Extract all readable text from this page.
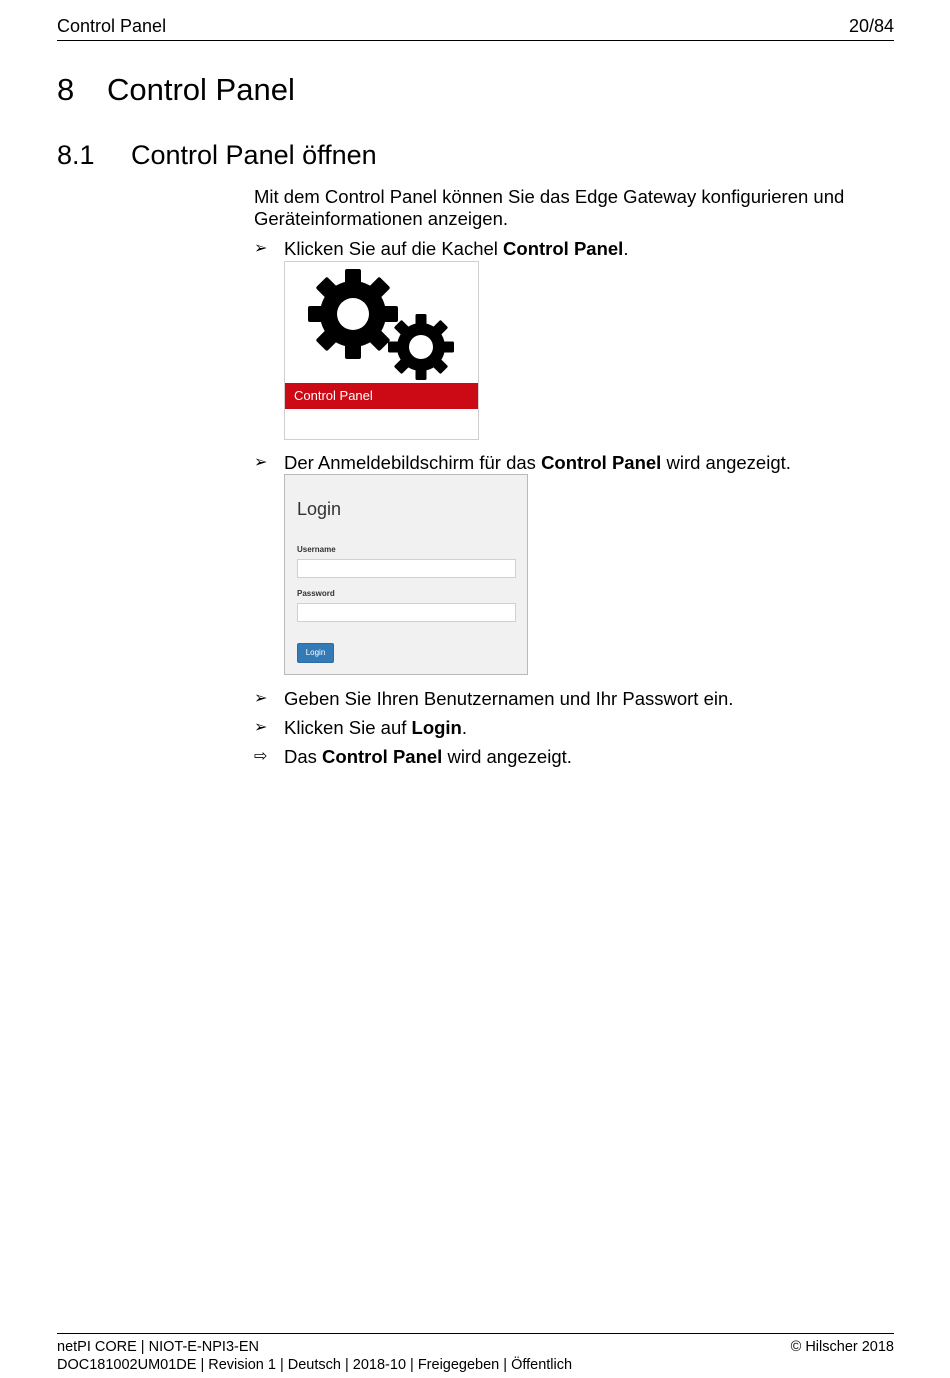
Control Panel	20/84
8 Control Panel
8.1 Control Panel öffnen
Mit dem Control Panel können Sie das Edge Gateway konfigurieren und Geräteinformationen anzeigen.
➢ Klicken Sie auf die Kachel Control Panel.
Control Panel
➢ Der Anmeldebildschirm für das Control Panel wird angezeigt.
Login
Username
Password
Login
➢ Geben Sie Ihren Benutzernamen und Ihr Passwort ein.
➢ Klicken Sie auf Login.
⇨ Das Control Panel wird angezeigt.
netPI CORE | NIOT-E-NPI3-EN
DOC181002UM01DE | Revision 1 | Deutsch | 2018-10 | Freigegeben | Öffentlich
© Hilscher 2018
